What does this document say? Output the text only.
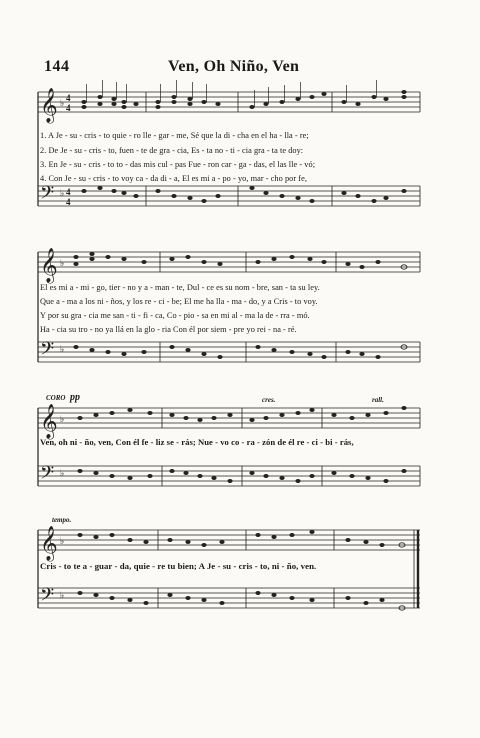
144	Ven, Oh Niño, Ven
𝄞
𝄢
♭
♭
4
4
4
4
1. A Je - su - cris - to quie - ro lle - gar - me, Sé que la di - cha en el ha - lla - re;
2. De Je - su - cris - to, fuen - te de gra - cia, Es - ta no - ti - cia gra - ta te doy:
3. En Je - su - cris - to to - das mis cul - pas Fue - ron car - ga - das, el las lle - vó;
4. Con Je - su - cris - to voy ca - da di - a, El es mi a - po - yo, mar - cho por fe,
𝄞
𝄢
♭
♭
El es mi a - mi - go, tier - no y a - man - te, Dul - ce es su nom - bre, san - ta su ley.
Que a - ma a los ni - ños, y los re - ci - be; El me ha lla - ma - do, y a Cris - to voy.
Y por su gra - cia me san - ti - fi - ca, Co - pio - sa en mi al - ma la de - rra - mó.
Ha - cia su tro - no ya llá en la glo - ria Con él por siem - pre yo rei - na - ré.
CORO pp	cres.	rall.
𝄞
𝄢
♭
♭
Ven, oh ni - ño, ven, Con él fe - liz se - rás; Nue - vo co - ra - zón de él re - ci - bi - rás,
tempo.
𝄞
𝄢
♭
♭
Cris - to te a - guar - da, quie - re tu bien; A Je - su - cris - to, ni - ño, ven.
